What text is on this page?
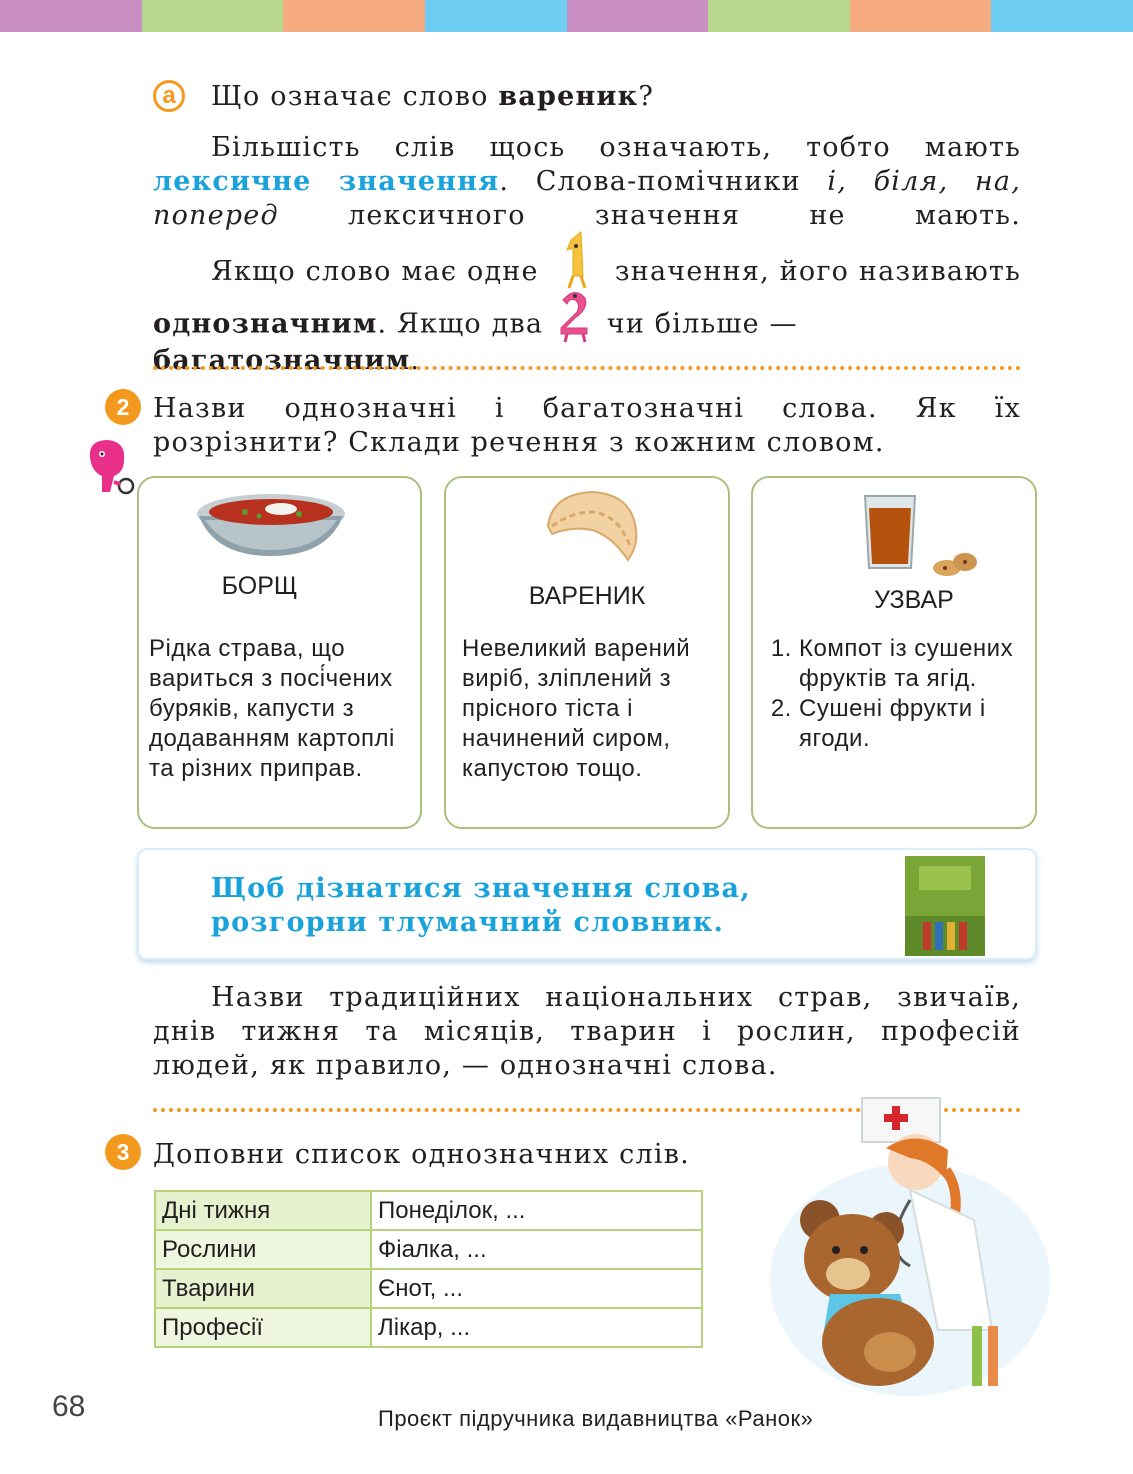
а	Що означає слово вареник?

Більшість слів щось означають, тобто мають лексичне значення. Слова-помічники і, біля, на, поперед лексичного значення не мають.

Якщо слово має одне	значення, його називають
однозначним. Якщо два чи більше — багатозначним.
2 Назви однозначні і багатозначні слова. Як їх розрізнити? Склади речення з кожним словом.

БОРЩ
Рідка страва, що вариться з посі́чених буряків, капусти з додаванням картоплі та різних приправ.
ВАРЕНИК
Невеликий варений виріб, зліплений з прісного тіста і начинений сиром, капустою тощо.
УЗВАР
1. Компот із сушених фруктів та ягід.
2. Сушені фрукти і ягоди.
Щоб дізнатися значення слова, розгорни тлумачний словник.

Назви традиційних національних страв, звичаїв, днів тижня та місяців, тварин і рослин, професій людей, як правило, — однозначні слова.

3 Доповни список однозначних слів.

Дні тижня	Понеділок, ...
Рослини	Фіалка, ...
Тварини	Єнот, ...
Професії	Лікар, ...
68	Проєкт підручника видавництва «Ранок»
